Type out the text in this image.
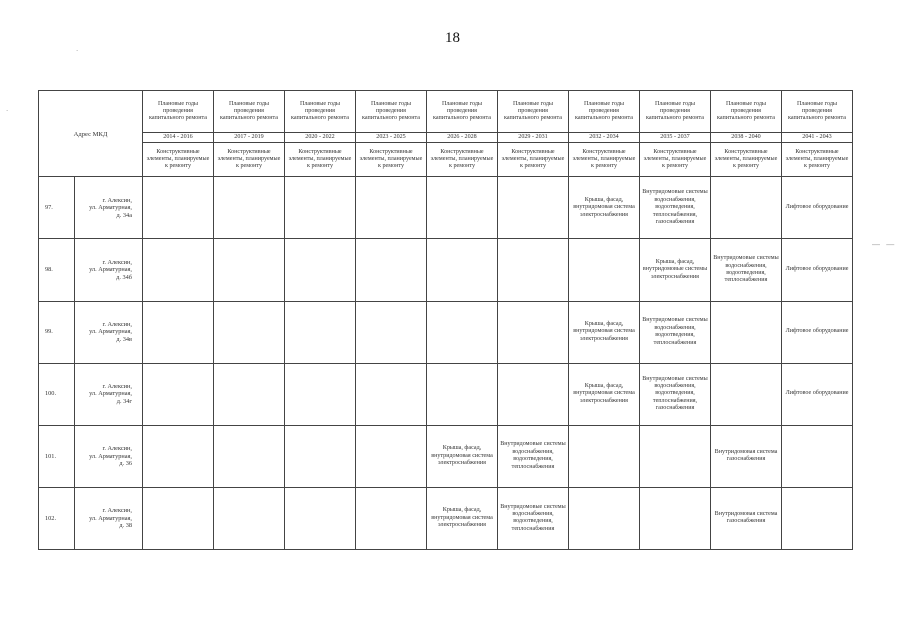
18
.
.
— —
Адрес МКД		Плановые годы проведения капитального ремонта	Плановые годы проведения капитального ремонта	Плановые годы проведения капитального ремонта	Плановые годы проведения капитального ремонта	Плановые годы проведения капитального ремонта	Плановые годы проведения капитального ремонта	Плановые годы проведения капитального ремонта	Плановые годы проведения капитального ремонта	Плановые годы проведения капитального ремонта	Плановые годы проведения капитального ремонта
		2014 - 2016	2017 - 2019	2020 - 2022	2023 - 2025	2026 - 2028	2029 - 2031	2032 - 2034	2035 - 2037	2038 - 2040	2041 - 2043
		Конструктивные элементы, планируемые к ремонту	Конструктивные элементы, планируемые к ремонту	Конструктивные элементы, планируемые к ремонту	Конструктивные элементы, планируемые к ремонту	Конструктивные элементы, планируемые к ремонту	Конструктивные элементы, планируемые к ремонту	Конструктивные элементы, планируемые к ремонту	Конструктивные элементы, планируемые к ремонту	Конструктивные элементы, планируемые к ремонту	Конструктивные элементы, планируемые к ремонту
97.	г. Алексин,
ул. Арматурная,
д. 34а							Крыша, фасад, внутридомовая система электроснабжения	Внутридомовые системы водоснабжения, водоотведения, теплоснабжения, газоснабжения		Лифтовое оборудование
98.	г. Алексин,
ул. Арматурная,
д. 34б								Крыша, фасад, внутридомовые системы электроснабжения	Внутридомовые системы водоснабжения, водоотведения, теплоснабжения	Лифтовое оборудование
99.	г. Алексин,
ул. Арматурная,
д. 34в							Крыша, фасад, внутридомовая система электроснабжения	Внутридомовые системы водоснабжения, водоотведения, теплоснабжения		Лифтовое оборудование
100.	г. Алексин,
ул. Арматурная,
д. 34г							Крыша, фасад, внутридомовая система электроснабжения	Внутридомовые системы водоснабжения, водоотведения, теплоснабжения, газоснабжения		Лифтовое оборудование
101.	г. Алексин,
ул. Арматурная,
д. 36					Крыша, фасад, внутридомовая система электроснабжения	Внутридомовые системы водоснабжения, водоотведения, теплоснабжения			Внутридомовая система газоснабжения	
102.	г. Алексин,
ул. Арматурная,
д. 38					Крыша, фасад, внутридомовая система электроснабжения	Внутридомовые системы водоснабжения, водоотведения, теплоснабжения			Внутридомовая система газоснабжения	
